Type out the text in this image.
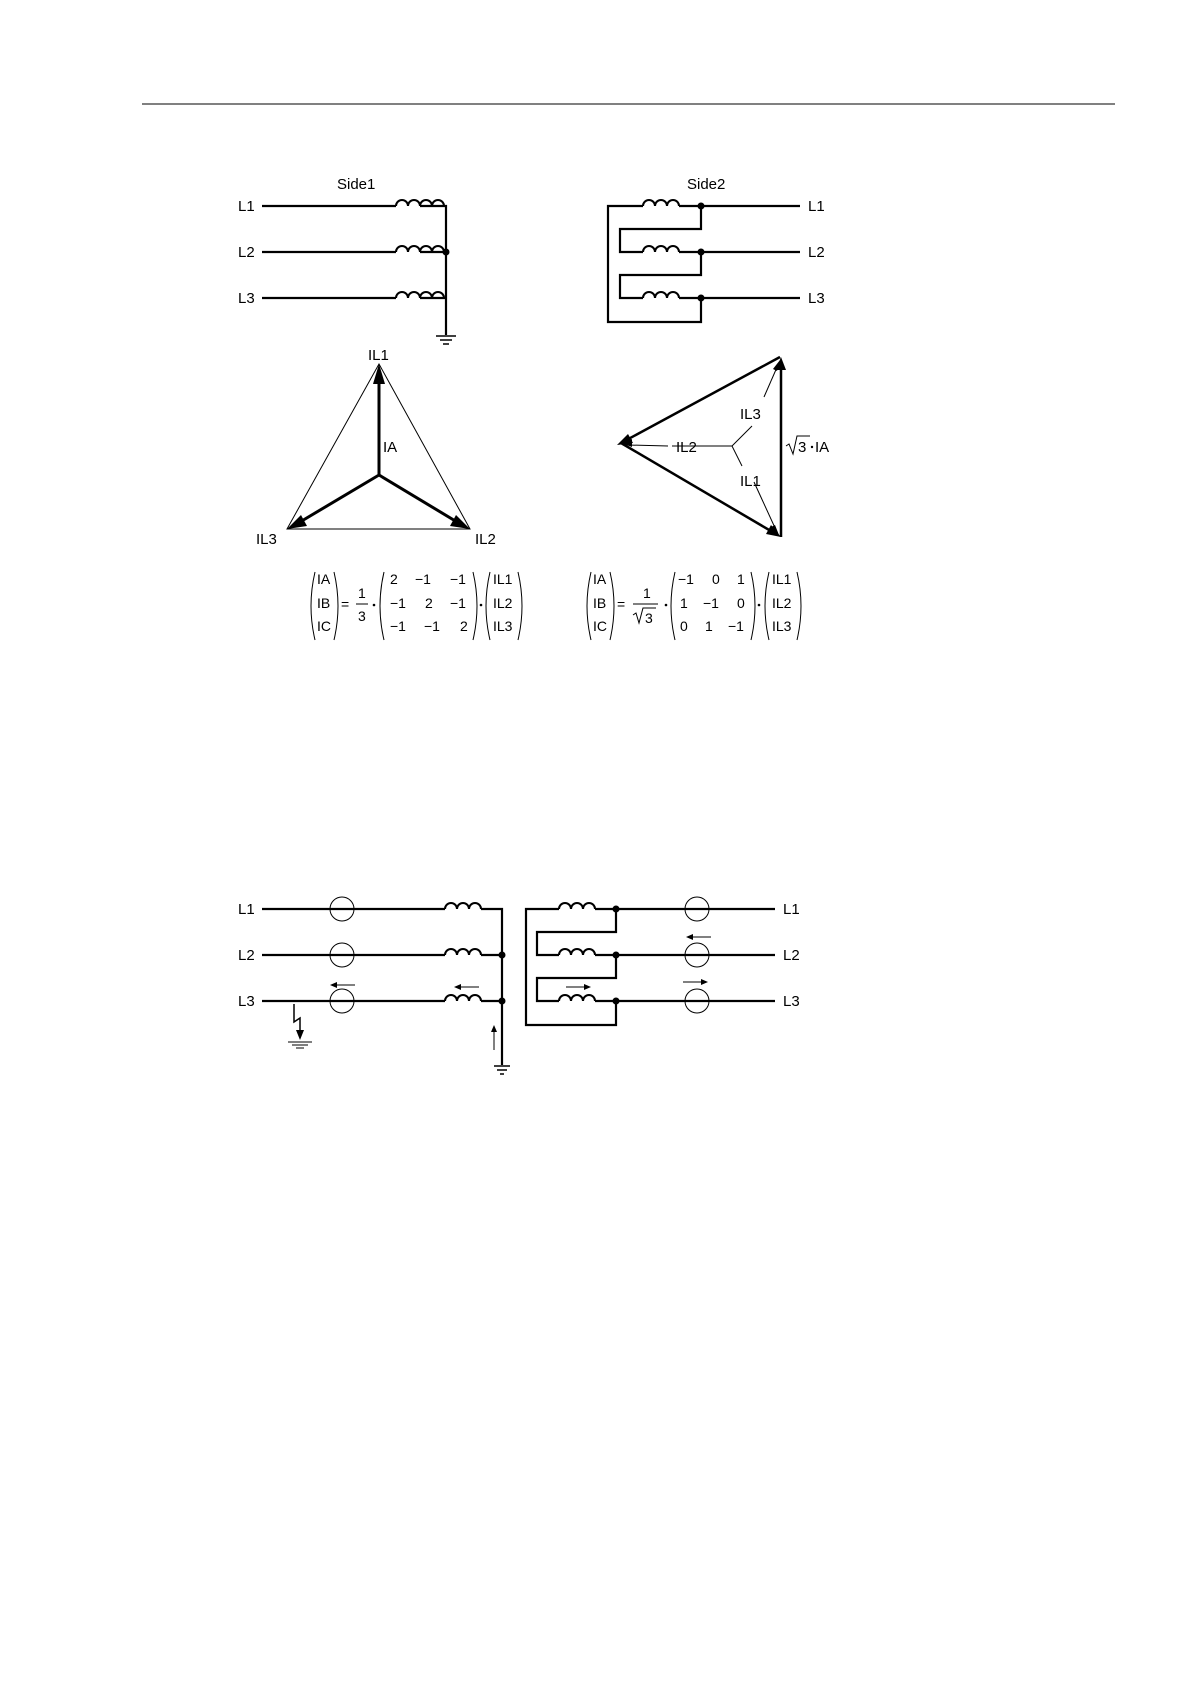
Side1
L1
L2
L3
Side2
L1
L2
L3
IL1
IA
IL3	IL2
IL3
IL2
IL1
3 IA
IA
IB
IC
=
1
3
2 −1 −1
−1 2 −1
−1 −1 2
IL1
IL2
IL3
IA
IB
IC
=
1
3
−1 0 1
1 −1 0
0 1 −1
IL1
IL2
IL3
L1
L2
L3
L1
L2
L3
